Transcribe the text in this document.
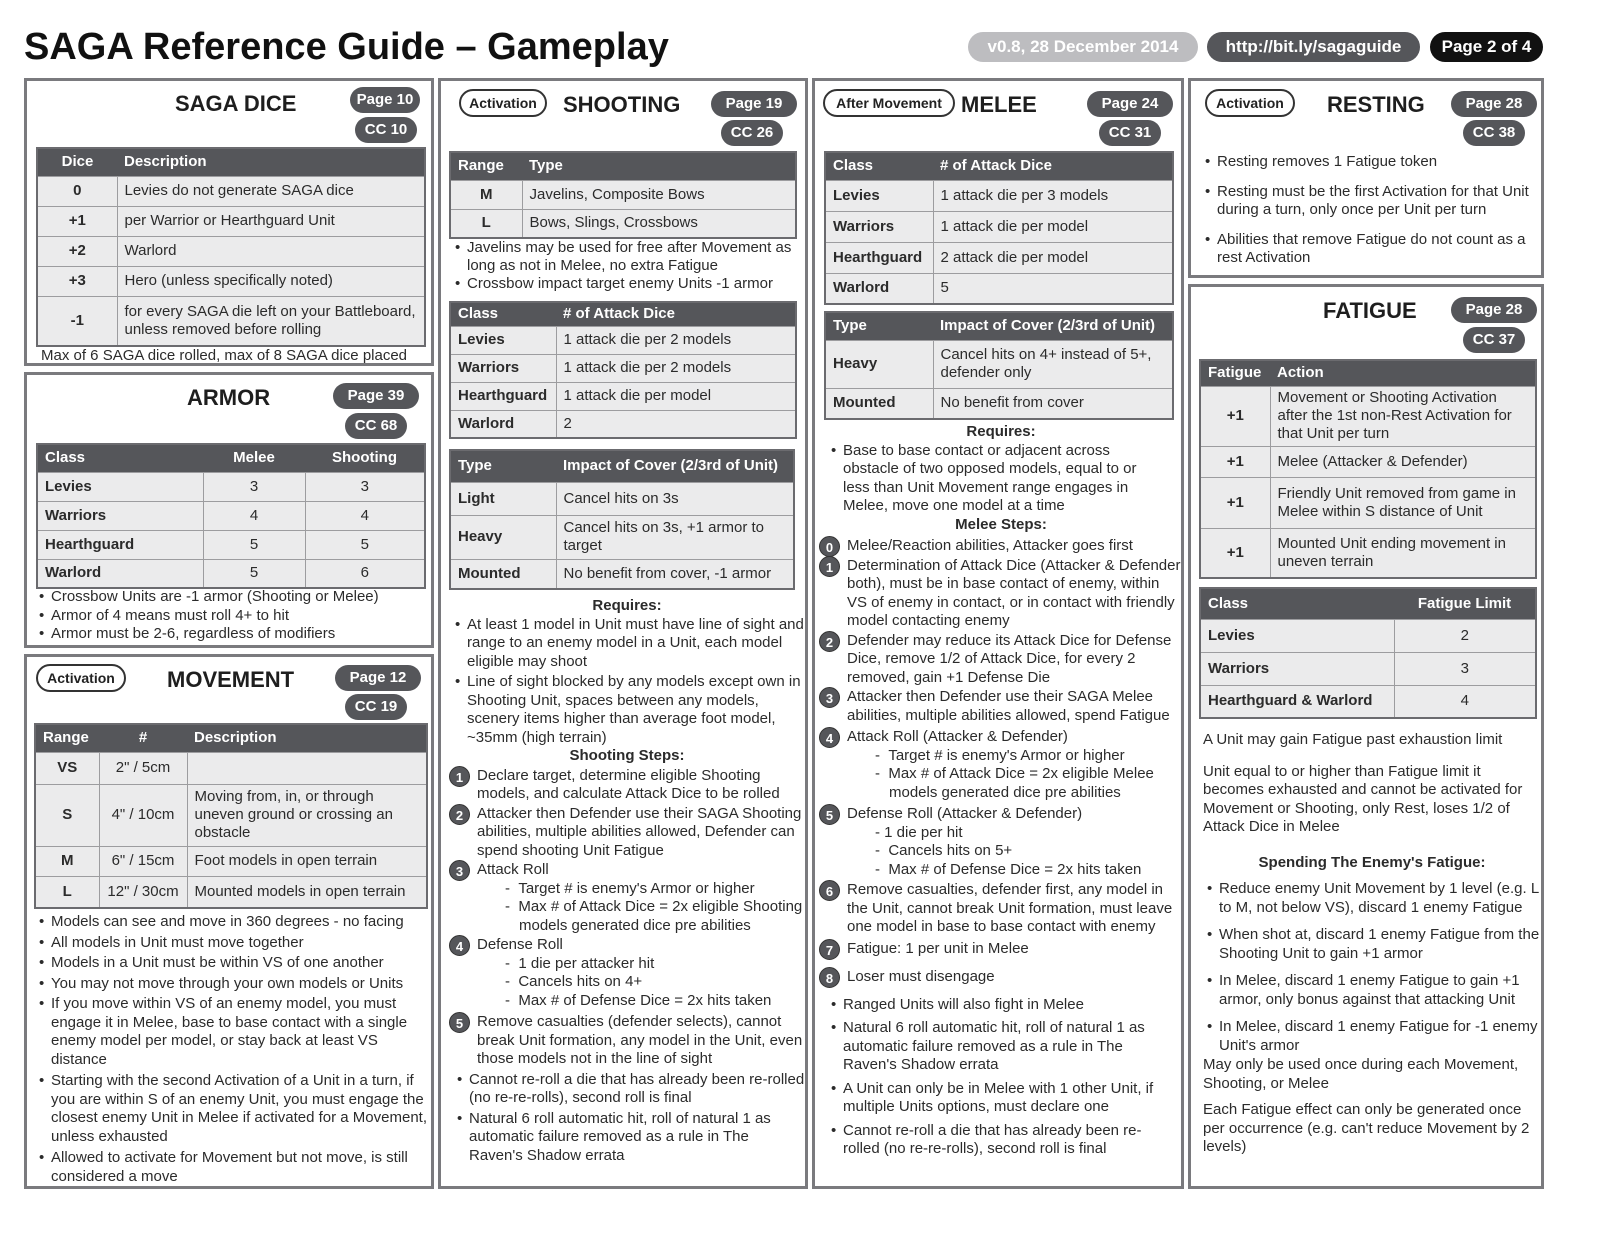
SAGA Reference Guide – Gameplay	v0.8, 28 December 2014	http://bit.ly/sagaguide	Page 2 of 4
SAGA DICE	Page 10
CC 10
Dice	Description
0	Levies do not generate SAGA dice
+1	per Warrior or Hearthguard Unit
+2	Warlord
+3	Hero (unless specifically noted)
-1	for every SAGA die left on your Battleboard, unless removed before rolling
Max of 6 SAGA dice rolled, max of 8 SAGA dice placed
ARMOR	Page 39
CC 68
Class	Melee	Shooting
Levies	3	3
Warriors	4	4
Hearthguard	5	5
Warlord	5	6
• Crossbow Units are -1 armor (Shooting or Melee)
• Armor of 4 means must roll 4+ to hit
• Armor must be 2-6, regardless of modifiers
Activation	MOVEMENT	Page 12
CC 19
Range	#	Description
VS	2" / 5cm	
S	4" / 10cm	Moving from, in, or through uneven ground or crossing an obstacle
M	6" / 15cm	Foot models in open terrain
L	12" / 30cm	Mounted models in open terrain
• Models can see and move in 360 degrees - no facing
• All models in Unit must move together
• Models in a Unit must be within VS of one another
• You may not move through your own models or Units
• If you move within VS of an enemy model, you must engage it in Melee, base to base contact with a single enemy model per model, or stay back at least VS distance
• Starting with the second Activation of a Unit in a turn, if you are within S of an enemy Unit, you must engage the closest enemy Unit in Melee if activated for a Movement, unless exhausted
• Allowed to activate for Movement but not move, is still considered a move
Activation	SHOOTING	Page 19
CC 26
Range	Type
M	Javelins, Composite Bows
L	Bows, Slings, Crossbows
• Javelins may be used for free after Movement as long as not in Melee, no extra Fatigue
• Crossbow impact target enemy Units -1 armor
Class	# of Attack Dice
Levies	1 attack die per 2 models
Warriors	1 attack die per 2 models
Hearthguard	1 attack die per model
Warlord	2
Type	Impact of Cover (2/3rd of Unit)
Light	Cancel hits on 3s
Heavy	Cancel hits on 3s, +1 armor to target
Mounted	No benefit from cover, -1 armor
Requires:
• At least 1 model in Unit must have line of sight and range to an enemy model in a Unit, each model eligible may shoot
• Line of sight blocked by any models except own in Shooting Unit, spaces between any models, scenery items higher than average foot model, ~35mm (high terrain)
Shooting Steps:
1 Declare target, determine eligible Shooting models, and calculate Attack Dice to be rolled
2 Attacker then Defender use their SAGA Shooting abilities, multiple abilities allowed, Defender can spend shooting Unit Fatigue
3 Attack Roll
-  Target # is enemy's Armor or higher
-  Max # of Attack Dice = 2x eligible Shooting models generated dice pre abilities
4 Defense Roll
-  1 die per attacker hit
-  Cancels hits on 4+
-  Max # of Defense Dice = 2x hits taken
5 Remove casualties (defender selects), cannot break Unit formation, any model in the Unit, even those models not in the line of sight
• Cannot re-roll a die that has already been re-rolled (no re-re-rolls), second roll is final
• Natural 6 roll automatic hit, roll of natural 1 as automatic failure removed as a rule in The Raven's Shadow errata
After Movement MELEE	Page 24
CC 31
Class	# of Attack Dice
Levies	1 attack die per 3 models
Warriors	1 attack die per model
Hearthguard	2 attack die per model
Warlord	5
Type	Impact of Cover (2/3rd of Unit)
Heavy	Cancel hits on 4+ instead of 5+, defender only
Mounted	No benefit from cover
Requires:
• Base to base contact or adjacent across obstacle of two opposed models, equal to or less than Unit Movement range engages in Melee, move one model at a time
Melee Steps:
0 Melee/Reaction abilities, Attacker goes first
1 Determination of Attack Dice (Attacker & Defender both), must be in base contact of enemy, within VS of enemy in contact, or in contact with friendly model contacting enemy
2 Defender may reduce its Attack Dice for Defense Dice, remove 1/2 of Attack Dice, for every 2 removed, gain +1 Defense Die
3 Attacker then Defender use their SAGA Melee abilities, multiple abilities allowed, spend Fatigue
4 Attack Roll (Attacker & Defender)
-  Target # is enemy's Armor or higher
-  Max # of Attack Dice = 2x eligible Melee models generated dice pre abilities
5 Defense Roll (Attacker & Defender)
- 1 die per hit
-  Cancels hits on 5+
-  Max # of Defense Dice = 2x hits taken
6 Remove casualties, defender first, any model in the Unit, cannot break Unit formation, must leave one model in base to base contact with enemy
7 Fatigue: 1 per unit in Melee
8 Loser must disengage
• Ranged Units will also fight in Melee
• Natural 6 roll automatic hit, roll of natural 1 as automatic failure removed as a rule in The Raven's Shadow errata
• A Unit can only be in Melee with 1 other Unit, if multiple Units options, must declare one
• Cannot re-roll a die that has already been re-rolled (no re-re-rolls), second roll is final
Activation	RESTING	Page 28
CC 38
• Resting removes 1 Fatigue token
• Resting must be the first Activation for that Unit during a turn, only once per Unit per turn
• Abilities that remove Fatigue do not count as a rest Activation
FATIGUE	Page 28
CC 37
Fatigue	Action
+1	Movement or Shooting Activation after the 1st non-Rest Activation for that Unit per turn
+1	Melee (Attacker & Defender)
+1	Friendly Unit removed from game in Melee within S distance of Unit
+1	Mounted Unit ending movement in uneven terrain
Class	Fatigue Limit
Levies	2
Warriors	3
Hearthguard & Warlord	4
A Unit may gain Fatigue past exhaustion limit
Unit equal to or higher than Fatigue limit it becomes exhausted and cannot be activated for Movement or Shooting, only Rest, loses 1/2 of Attack Dice in Melee
Spending The Enemy's Fatigue:
• Reduce enemy Unit Movement by 1 level (e.g. L to M, not below VS), discard 1 enemy Fatigue
• When shot at, discard 1 enemy Fatigue from the Shooting Unit to gain +1 armor
• In Melee, discard 1 enemy Fatigue to gain +1 armor, only bonus against that attacking Unit
• In Melee, discard 1 enemy Fatigue for -1 enemy Unit's armor
May only be used once during each Movement, Shooting, or Melee
Each Fatigue effect can only be generated once per occurrence (e.g. can't reduce Movement by 2 levels)
